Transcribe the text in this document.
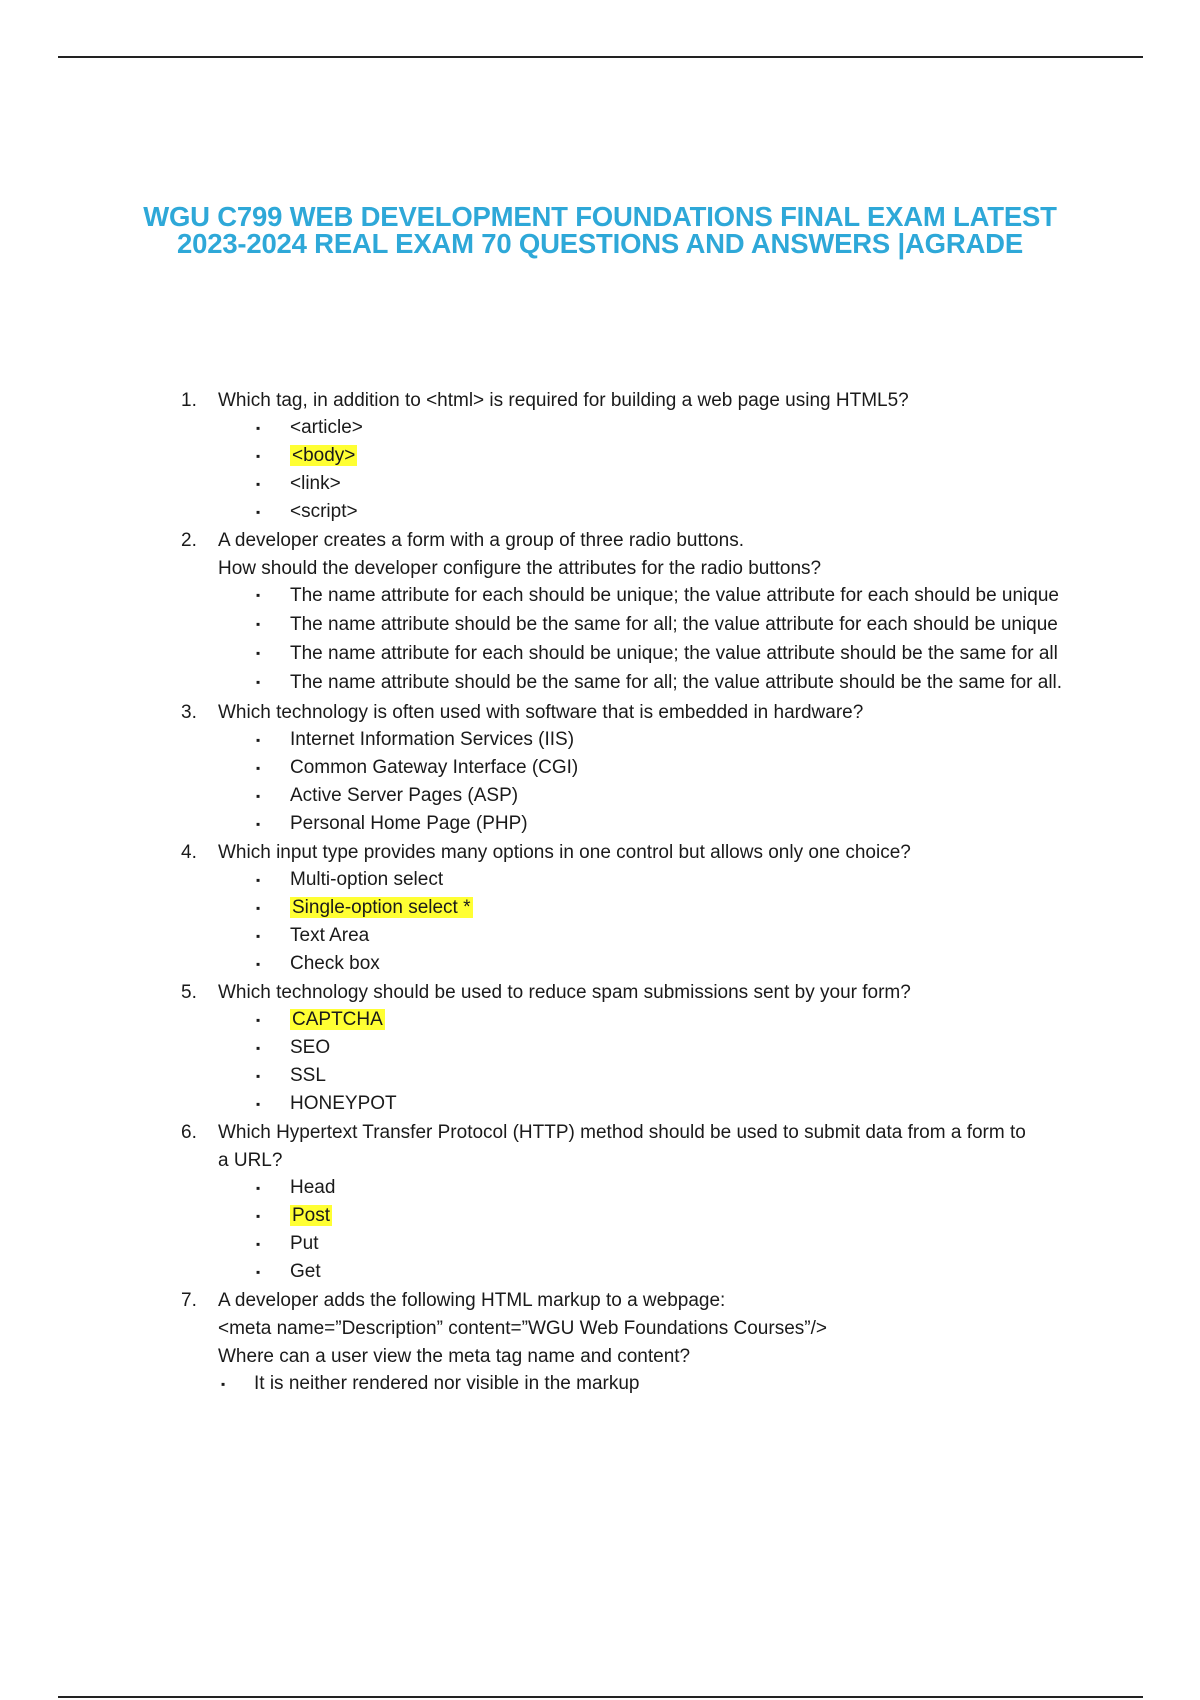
WGU C799 WEB DEVELOPMENT FOUNDATIONS FINAL EXAM LATEST
2023-2024 REAL EXAM 70 QUESTIONS AND ANSWERS |AGRADE
1. Which tag, in addition to <html> is required for building a web page using HTML5?
▪ <article>
▪ <body>
▪ <link>
▪ <script>
2. A developer creates a form with a group of three radio buttons.
How should the developer configure the attributes for the radio buttons?
▪ The name attribute for each should be unique; the value attribute for each should be unique
▪ The name attribute should be the same for all; the value attribute for each should be unique
▪ The name attribute for each should be unique; the value attribute should be the same for all
▪ The name attribute should be the same for all; the value attribute should be the same for all.
3. Which technology is often used with software that is embedded in hardware?
▪ Internet Information Services (IIS)
▪ Common Gateway Interface (CGI)
▪ Active Server Pages (ASP)
▪ Personal Home Page (PHP)
4. Which input type provides many options in one control but allows only one choice?
▪ Multi-option select
▪ Single-option select *
▪ Text Area
▪ Check box
5. Which technology should be used to reduce spam submissions sent by your form?
▪ CAPTCHA
▪ SEO
▪ SSL
▪ HONEYPOT
6. Which Hypertext Transfer Protocol (HTTP) method should be used to submit data from a form to
a URL?
▪ Head
▪ Post
▪ Put
▪ Get
7. A developer adds the following HTML markup to a webpage:
<meta name=”Description” content=”WGU Web Foundations Courses”/>
Where can a user view the meta tag name and content?
▪ It is neither rendered nor visible in the markup
